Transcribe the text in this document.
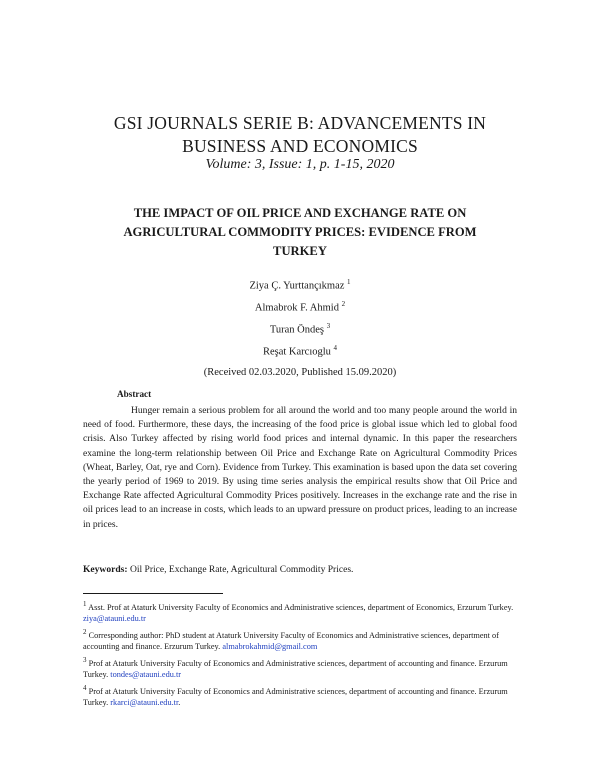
GSI JOURNALS SERIE B: ADVANCEMENTS IN
BUSINESS AND ECONOMICS
Volume: 3, Issue: 1, p. 1-15, 2020
THE IMPACT OF OIL PRICE AND EXCHANGE RATE ON
AGRICULTURAL COMMODITY PRICES: EVIDENCE FROM
TURKEY
Ziya Ç. Yurttançıkmaz $^1$
Almabrok F. Ahmid $^2$
Turan Öndeş $^3$
Reşat Karcıoglu $^4$
(Received 02.03.2020, Published 15.09.2020)
Abstract

Hunger remain a serious problem for all around the world and too many people around the world in need of food. Furthermore, these days, the increasing of the food price is global issue which led to global food crisis. Also Turkey affected by rising world food prices and internal dynamic. In this paper the researchers examine the long-term relationship between Oil Price and Exchange Rate on Agricultural Commodity Prices (Wheat, Barley, Oat, rye and Corn). Evidence from Turkey. This examination is based upon the data set covering the yearly period of 1969 to 2019. By using time series analysis the empirical results show that Oil Price and Exchange Rate affected Agricultural Commodity Prices positively. Increases in the exchange rate and the rise in oil prices lead to an increase in costs, which leads to an upward pressure on product prices, leading to an increase in prices.

Keywords: Oil Price, Exchange Rate, Agricultural Commodity Prices.

$^1$ Asst. Prof at Ataturk University Faculty of Economics and Administrative sciences, department of Economics, Erzurum Turkey. ziya@atauni.edu.tr

$^2$ Corresponding author: PhD student at Ataturk University Faculty of Economics and Administrative sciences, department of accounting and finance. Erzurum Turkey. almabrokahmid@gmail.com

$^3$ Prof at Ataturk University Faculty of Economics and Administrative sciences, department of accounting and finance. Erzurum Turkey. tondes@atauni.edu.tr

$^4$ Prof at Ataturk University Faculty of Economics and Administrative sciences, department of accounting and finance. Erzurum Turkey. rkarci@atauni.edu.tr.
